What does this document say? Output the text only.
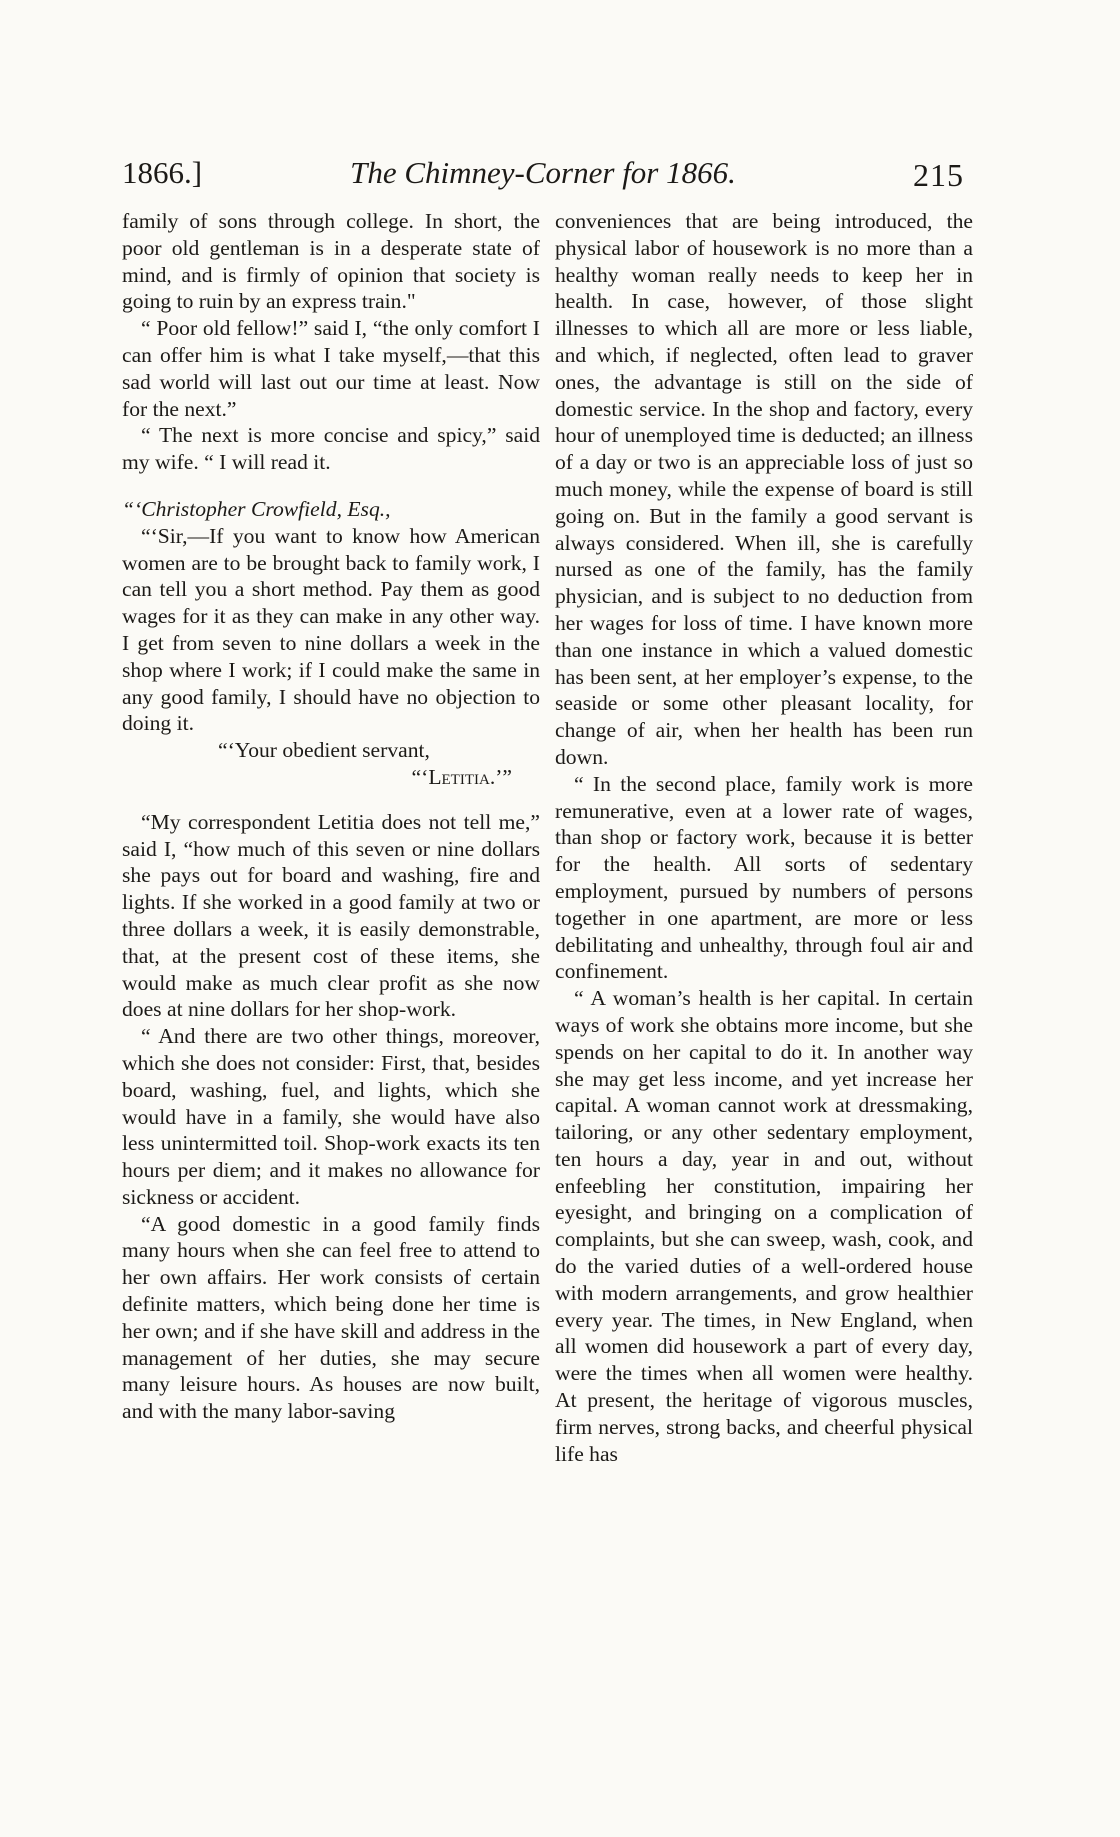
1866.]	The Chimney-Corner for 1866.	215

family of sons through college. In short, the poor old gentleman is in a desperate state of mind, and is firmly of opinion that society is going to ruin by an express train."

“ Poor old fellow!” said I, “the only comfort I can offer him is what I take myself,—that this sad world will last out our time at least. Now for the next.”

“ The next is more concise and spicy,” said my wife. “ I will read it.

“‘Christopher Crowfield, Esq.,

“‘Sir,—If you want to know how American women are to be brought back to family work, I can tell you a short method. Pay them as good wages for it as they can make in any other way. I get from seven to nine dollars a week in the shop where I work; if I could make the same in any good family, I should have no objection to doing it.

“‘Your obedient servant,

“‘Letitia.’”

“My correspondent Letitia does not tell me,” said I, “how much of this seven or nine dollars she pays out for board and washing, fire and lights. If she worked in a good family at two or three dollars a week, it is easily demonstrable, that, at the present cost of these items, she would make as much clear profit as she now does at nine dollars for her shop-work.

“ And there are two other things, moreover, which she does not consider: First, that, besides board, washing, fuel, and lights, which she would have in a family, she would have also less unintermitted toil. Shop-work exacts its ten hours per diem; and it makes no allowance for sickness or accident.

“A good domestic in a good family finds many hours when she can feel free to attend to her own affairs. Her work consists of certain definite matters, which being done her time is her own; and if she have skill and address in the management of her duties, she may secure many leisure hours. As houses are now built, and with the many labor-saving

conveniences that are being introduced, the physical labor of housework is no more than a healthy woman really needs to keep her in health. In case, however, of those slight illnesses to which all are more or less liable, and which, if neglected, often lead to graver ones, the advantage is still on the side of domestic service. In the shop and factory, every hour of unemployed time is deducted; an illness of a day or two is an appreciable loss of just so much money, while the expense of board is still going on. But in the family a good servant is always considered. When ill, she is carefully nursed as one of the family, has the family physician, and is subject to no deduction from her wages for loss of time. I have known more than one instance in which a valued domestic has been sent, at her employer’s expense, to the seaside or some other pleasant locality, for change of air, when her health has been run down.

“ In the second place, family work is more remunerative, even at a lower rate of wages, than shop or factory work, because it is better for the health. All sorts of sedentary employment, pursued by numbers of persons together in one apartment, are more or less debilitating and unhealthy, through foul air and confinement.

“ A woman’s health is her capital. In certain ways of work she obtains more income, but she spends on her capital to do it. In another way she may get less income, and yet increase her capital. A woman cannot work at dressmaking, tailoring, or any other sedentary employment, ten hours a day, year in and out, without enfeebling her constitution, impairing her eyesight, and bringing on a complication of complaints, but she can sweep, wash, cook, and do the varied duties of a well-ordered house with modern arrangements, and grow healthier every year. The times, in New England, when all women did housework a part of every day, were the times when all women were healthy. At present, the heritage of vigorous muscles, firm nerves, strong backs, and cheerful physical life has
